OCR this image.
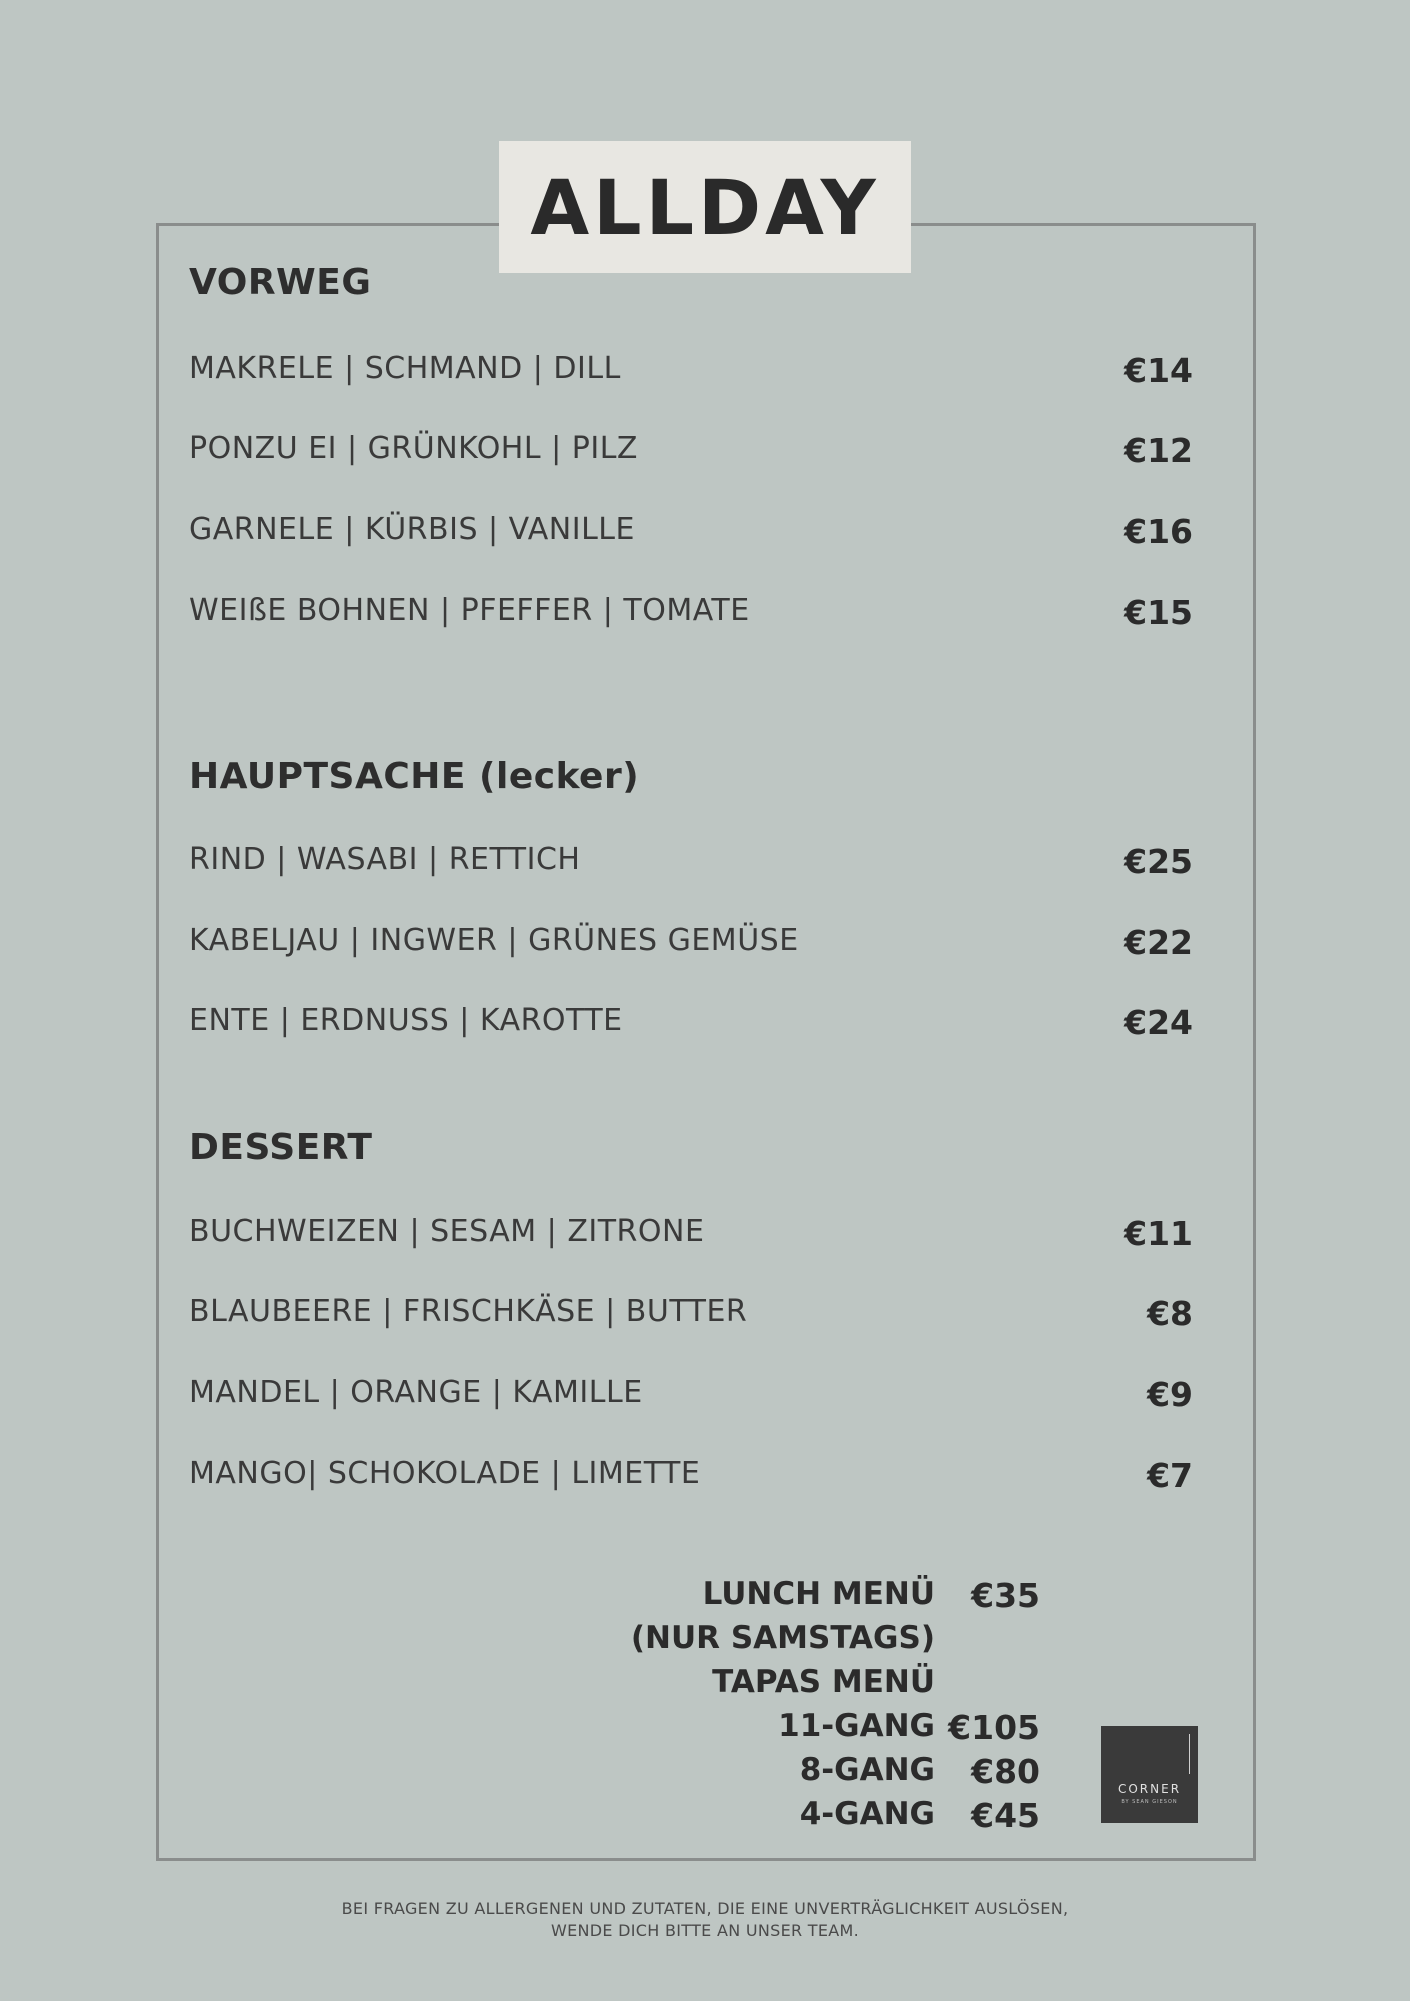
ALLDAY
VORWEG
MAKRELE | SCHMAND | DILL	€14
PONZU EI | GRÜNKOHL | PILZ	€12
GARNELE | KÜRBIS | VANILLE	€16
WEIßE BOHNEN | PFEFFER | TOMATE	€15
HAUPTSACHE (lecker)
RIND | WASABI | RETTICH	€25
KABELJAU | INGWER | GRÜNES GEMÜSE	€22
ENTE | ERDNUSS | KAROTTE	€24
DESSERT
BUCHWEIZEN | SESAM | ZITRONE	€11
BLAUBEERE | FRISCHKÄSE | BUTTER	€8
MANDEL | ORANGE | KAMILLE	€9
MANGO| SCHOKOLADE | LIMETTE	€7
LUNCH MENÜ €35
(NUR SAMSTAGS)
TAPAS MENÜ
11-GANG €105
8-GANG €80
4-GANG €45
CORNER
BY SEAN GIESON
BEI FRAGEN ZU ALLERGENEN UND ZUTATEN, DIE EINE UNVERTRÄGLICHKEIT AUSLÖSEN,
WENDE DICH BITTE AN UNSER TEAM.
